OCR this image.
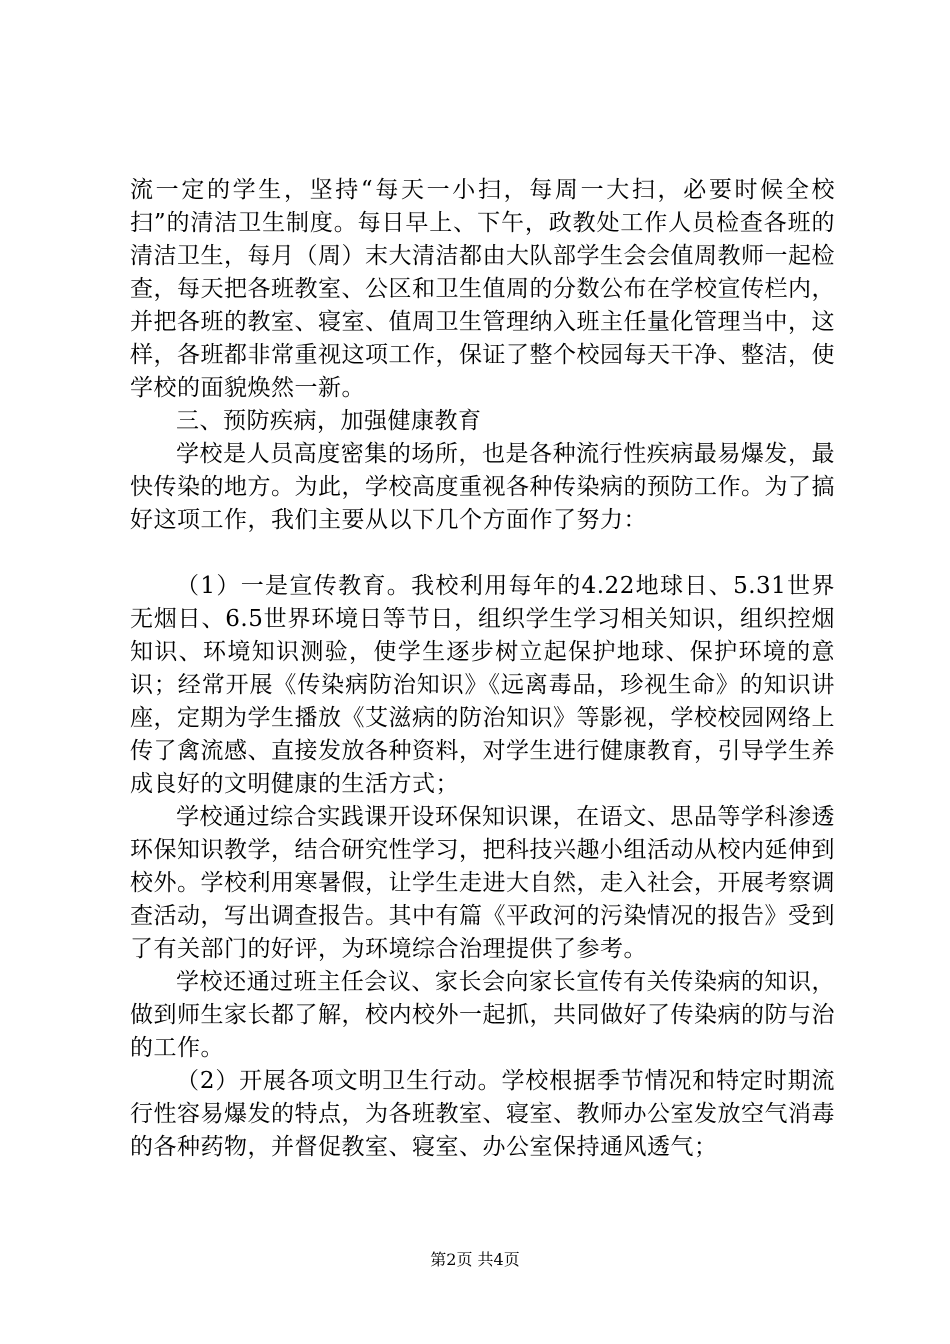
流一定的学生，坚持“每天一小扫，每周一大扫，必要时候全校扫”的清洁卫生制度。每日早上、下午，政教处工作人员检查各班的清洁卫生，每月（周）末大清洁都由大队部学生会会值周教师一起检查，每天把各班教室、公区和卫生值周的分数公布在学校宣传栏内，并把各班的教室、寝室、值周卫生管理纳入班主任量化管理当中，这样，各班都非常重视这项工作，保证了整个校园每天干净、整洁，使学校的面貌焕然一新。

三、预防疾病，加强健康教育

学校是人员高度密集的场所，也是各种流行性疾病最易爆发，最快传染的地方。为此，学校高度重视各种传染病的预防工作。为了搞好这项工作，我们主要从以下几个方面作了努力：

（1）一是宣传教育。我校利用每年的4.22地球日、5.31世界无烟日、6.5世界环境日等节日，组织学生学习相关知识，组织控烟知识、环境知识测验，使学生逐步树立起保护地球、保护环境的意识；经常开展《传染病防治知识》《远离毒品，珍视生命》的知识讲座，定期为学生播放《艾滋病的防治知识》等影视，学校校园网络上传了禽流感、直接发放各种资料，对学生进行健康教育，引导学生养成良好的文明健康的生活方式；

学校通过综合实践课开设环保知识课，在语文、思品等学科渗透环保知识教学，结合研究性学习，把科技兴趣小组活动从校内延伸到校外。学校利用寒暑假，让学生走进大自然，走入社会，开展考察调查活动，写出调查报告。其中有篇《平政河的污染情况的报告》受到了有关部门的好评，为环境综合治理提供了参考。

学校还通过班主任会议、家长会向家长宣传有关传染病的知识，做到师生家长都了解，校内校外一起抓，共同做好了传染病的防与治的工作。

（2）开展各项文明卫生行动。学校根据季节情况和特定时期流行性容易爆发的特点，为各班教室、寝室、教师办公室发放空气消毒的各种药物，并督促教室、寝室、办公室保持通风透气；

第2页 共4页
